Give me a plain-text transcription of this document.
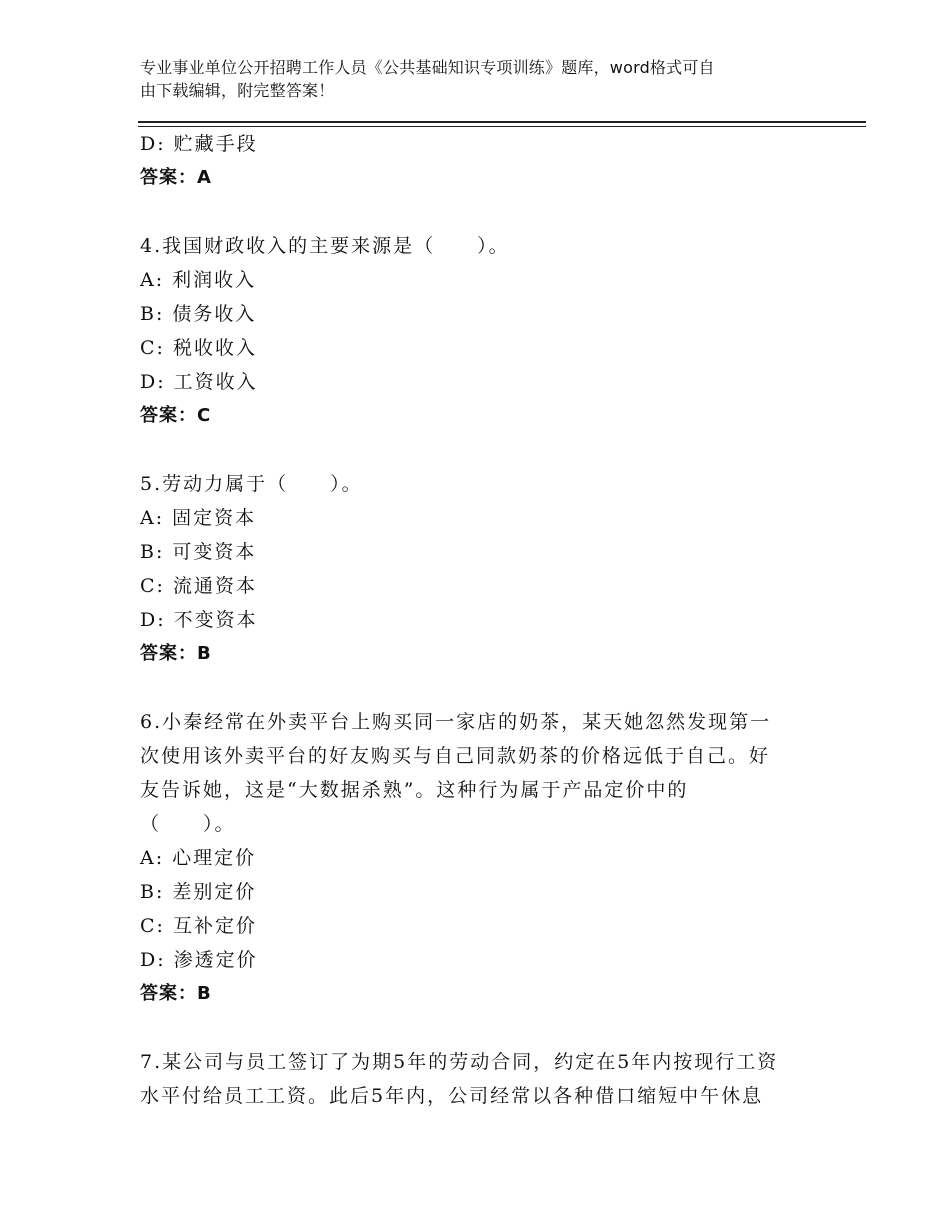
专业事业单位公开招聘工作人员《公共基础知识专项训练》题库，word格式可自
由下载编辑，附完整答案！
D: 贮藏手段
答案：A
4.我国财政收入的主要来源是（　　）。
A: 利润收入
B: 债务收入
C: 税收收入
D: 工资收入
答案：C
5.劳动力属于（　　）。
A: 固定资本
B: 可变资本
C: 流通资本
D: 不变资本
答案：B
6.小秦经常在外卖平台上购买同一家店的奶茶，某天她忽然发现第一
次使用该外卖平台的好友购买与自己同款奶茶的价格远低于自己。好
友告诉她，这是“大数据杀熟”。这种行为属于产品定价中的
（　　）。
A: 心理定价
B: 差别定价
C: 互补定价
D: 渗透定价
答案：B
7.某公司与员工签订了为期5年的劳动合同，约定在5年内按现行工资
水平付给员工工资。此后5年内，公司经常以各种借口缩短中午休息
